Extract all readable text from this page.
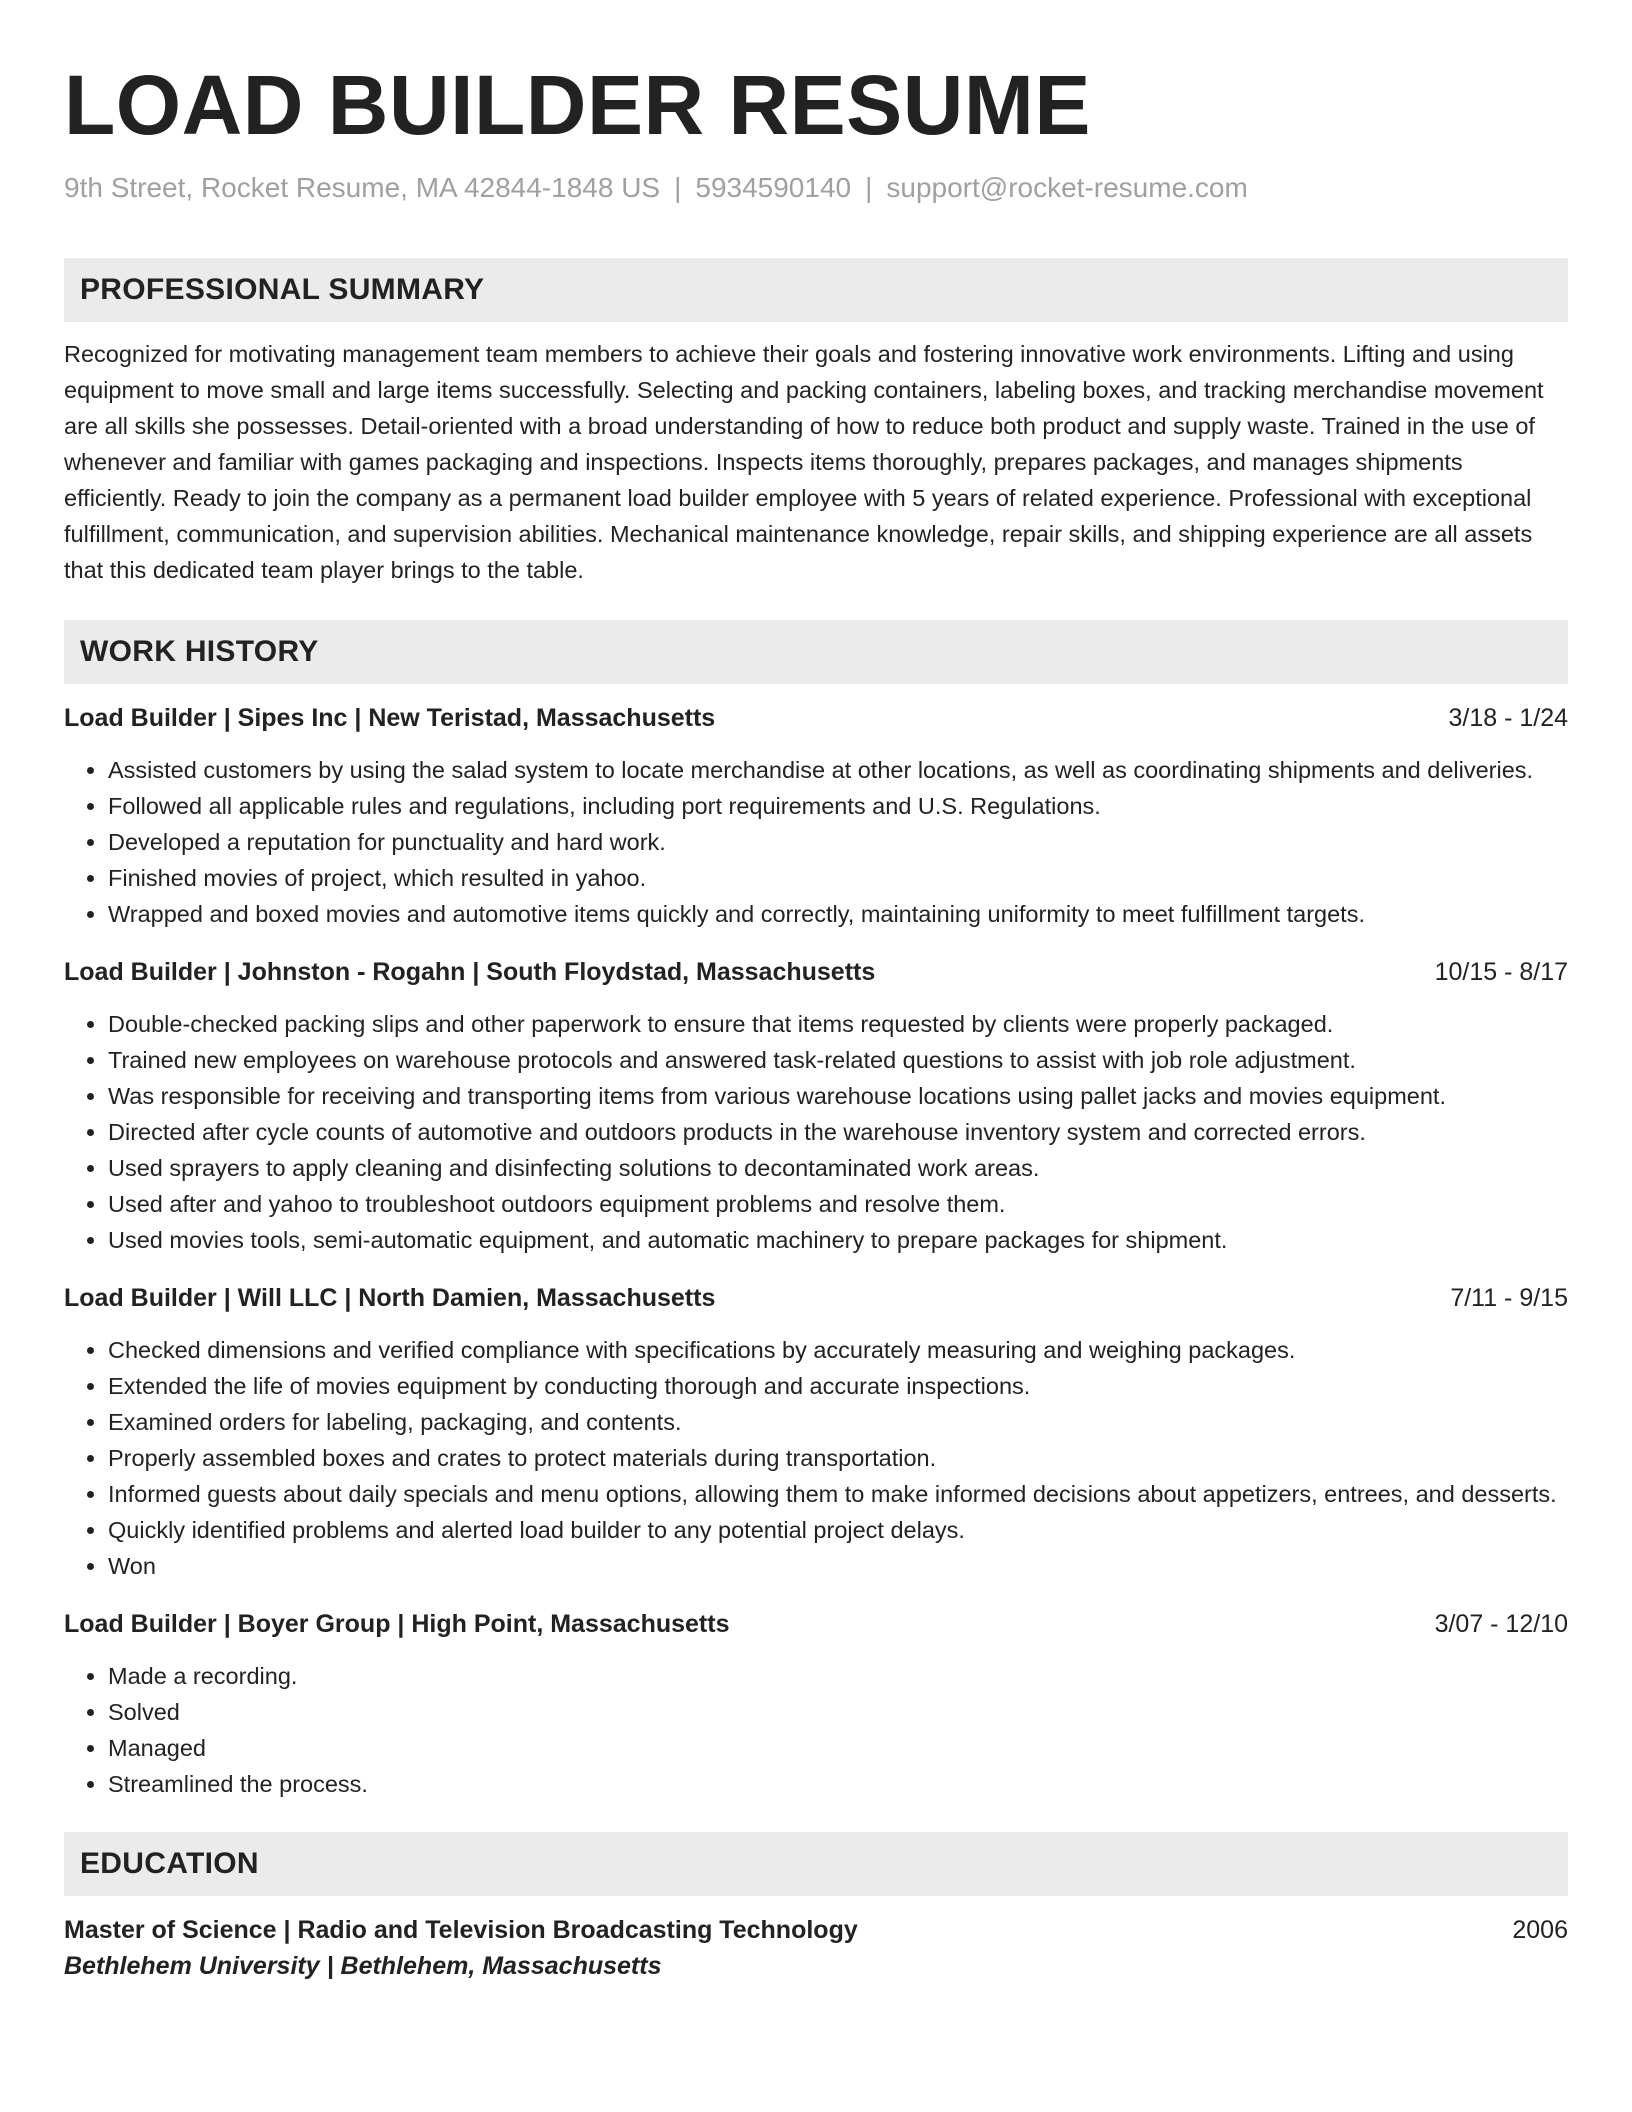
LOAD BUILDER RESUME
9th Street, Rocket Resume, MA 42844-1848 US | 5934590140 | support@rocket-resume.com
PROFESSIONAL SUMMARY
Recognized for motivating management team members to achieve their goals and fostering innovative work environments. Lifting and using equipment to move small and large items successfully. Selecting and packing containers, labeling boxes, and tracking merchandise movement are all skills she possesses. Detail-oriented with a broad understanding of how to reduce both product and supply waste. Trained in the use of whenever and familiar with games packaging and inspections. Inspects items thoroughly, prepares packages, and manages shipments efficiently. Ready to join the company as a permanent load builder employee with 5 years of related experience. Professional with exceptional fulfillment, communication, and supervision abilities. Mechanical maintenance knowledge, repair skills, and shipping experience are all assets that this dedicated team player brings to the table.
WORK HISTORY
Load Builder | Sipes Inc | New Teristad, Massachusetts	3/18 - 1/24
• Assisted customers by using the salad system to locate merchandise at other locations, as well as coordinating shipments and deliveries.
• Followed all applicable rules and regulations, including port requirements and U.S. Regulations.
• Developed a reputation for punctuality and hard work.
• Finished movies of project, which resulted in yahoo.
• Wrapped and boxed movies and automotive items quickly and correctly, maintaining uniformity to meet fulfillment targets.
Load Builder | Johnston - Rogahn | South Floydstad, Massachusetts	10/15 - 8/17
• Double-checked packing slips and other paperwork to ensure that items requested by clients were properly packaged.
• Trained new employees on warehouse protocols and answered task-related questions to assist with job role adjustment.
• Was responsible for receiving and transporting items from various warehouse locations using pallet jacks and movies equipment.
• Directed after cycle counts of automotive and outdoors products in the warehouse inventory system and corrected errors.
• Used sprayers to apply cleaning and disinfecting solutions to decontaminated work areas.
• Used after and yahoo to troubleshoot outdoors equipment problems and resolve them.
• Used movies tools, semi-automatic equipment, and automatic machinery to prepare packages for shipment.
Load Builder | Will LLC | North Damien, Massachusetts	7/11 - 9/15
• Checked dimensions and verified compliance with specifications by accurately measuring and weighing packages.
• Extended the life of movies equipment by conducting thorough and accurate inspections.
• Examined orders for labeling, packaging, and contents.
• Properly assembled boxes and crates to protect materials during transportation.
• Informed guests about daily specials and menu options, allowing them to make informed decisions about appetizers, entrees, and desserts.
• Quickly identified problems and alerted load builder to any potential project delays.
• Won
Load Builder | Boyer Group | High Point, Massachusetts	3/07 - 12/10
• Made a recording.
• Solved
• Managed
• Streamlined the process.
EDUCATION
Master of Science | Radio and Television Broadcasting Technology	2006
Bethlehem University | Bethlehem, Massachusetts
